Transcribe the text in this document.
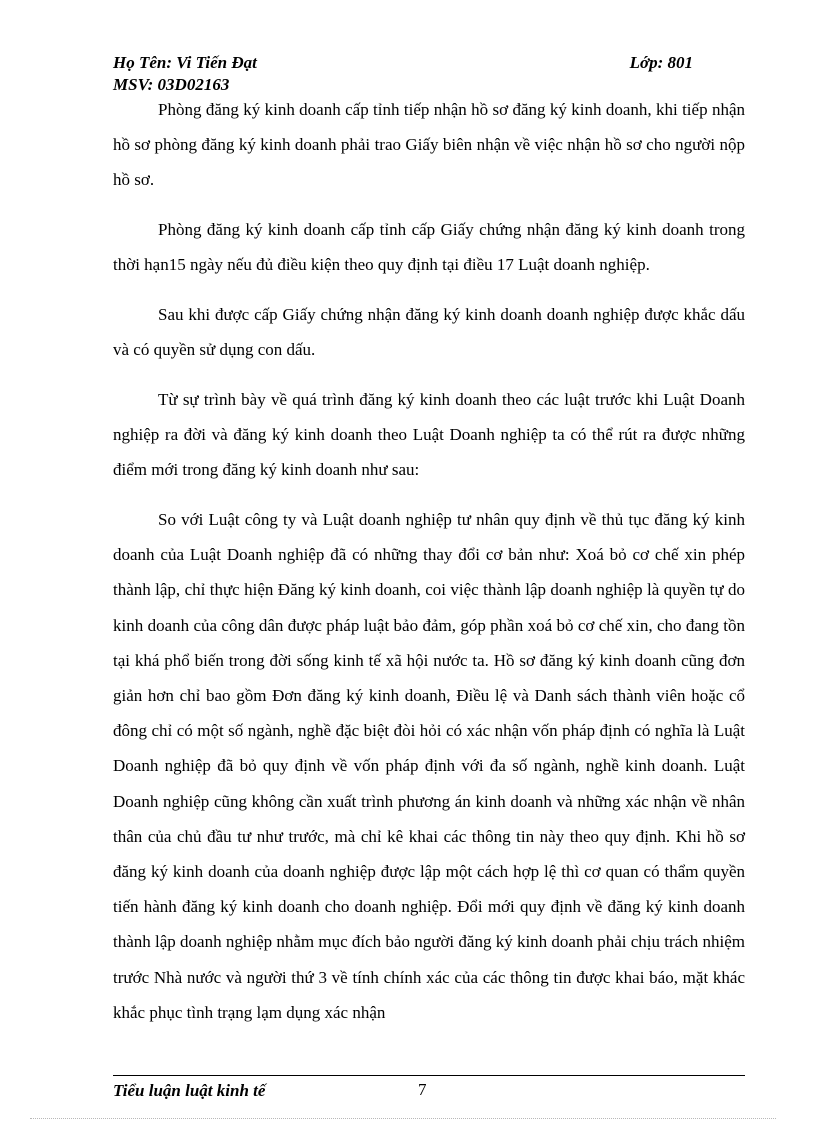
Họ Tên: Vi Tiến Đạt	Lớp: 801
MSV: 03D02163

Phòng đăng ký kinh doanh cấp tỉnh tiếp nhận hồ sơ đăng ký kinh doanh, khi tiếp nhận hồ sơ phòng đăng ký kinh doanh phải trao Giấy biên nhận về việc nhận hồ sơ cho người nộp hồ sơ.

Phòng đăng ký kinh doanh cấp tỉnh cấp Giấy chứng nhận đăng ký kinh doanh trong thời hạn15 ngày nếu đủ điều kiện theo quy định tại điều 17 Luật doanh nghiệp.

Sau khi được cấp Giấy chứng nhận đăng ký kinh doanh doanh nghiệp được khắc dấu và có quyền sử dụng con dấu.

Từ sự trình bày về quá trình đăng ký kinh doanh theo các luật trước khi Luật Doanh nghiệp ra đời và đăng ký kinh doanh theo Luật Doanh nghiệp ta có thể rút ra được những điểm mới trong đăng ký kinh doanh như sau:

So với Luật công ty và Luật doanh nghiệp tư nhân quy định về thủ tục đăng ký kinh doanh của Luật Doanh nghiệp đã có những thay đổi cơ bản như: Xoá bỏ cơ chế xin phép thành lập, chỉ thực hiện Đăng ký kinh doanh, coi việc thành lập doanh nghiệp là quyền tự do kinh doanh của công dân được pháp luật bảo đảm, góp phần xoá bỏ cơ chế xin, cho đang tồn tại khá phổ biến trong đời sống kinh tế xã hội nước ta. Hồ sơ đăng ký kinh doanh cũng đơn giản hơn chỉ bao gồm Đơn đăng ký kinh doanh, Điều lệ và Danh sách thành viên hoặc cổ đông chỉ có một số ngành, nghề đặc biệt đòi hỏi có xác nhận vốn pháp định có nghĩa là Luật Doanh nghiệp đã bỏ quy định về vốn pháp định với đa số ngành, nghề kinh doanh. Luật Doanh nghiệp cũng không cần xuất trình phương án kinh doanh và những xác nhận về nhân thân của chủ đầu tư như trước, mà chỉ kê khai các thông tin này theo quy định. Khi hồ sơ đăng ký kinh doanh của doanh nghiệp được lập một cách hợp lệ thì cơ quan có thẩm quyền tiến hành đăng ký kinh doanh cho doanh nghiệp. Đổi mới quy định về đăng ký kinh doanh thành lập doanh nghiệp nhằm mục đích bảo người đăng ký kinh doanh phải chịu trách nhiệm trước Nhà nước và người thứ 3 về tính chính xác của các thông tin được khai báo, mặt khác khắc phục tình trạng lạm dụng xác nhận

Tiểu luận luật kinh tế	7
